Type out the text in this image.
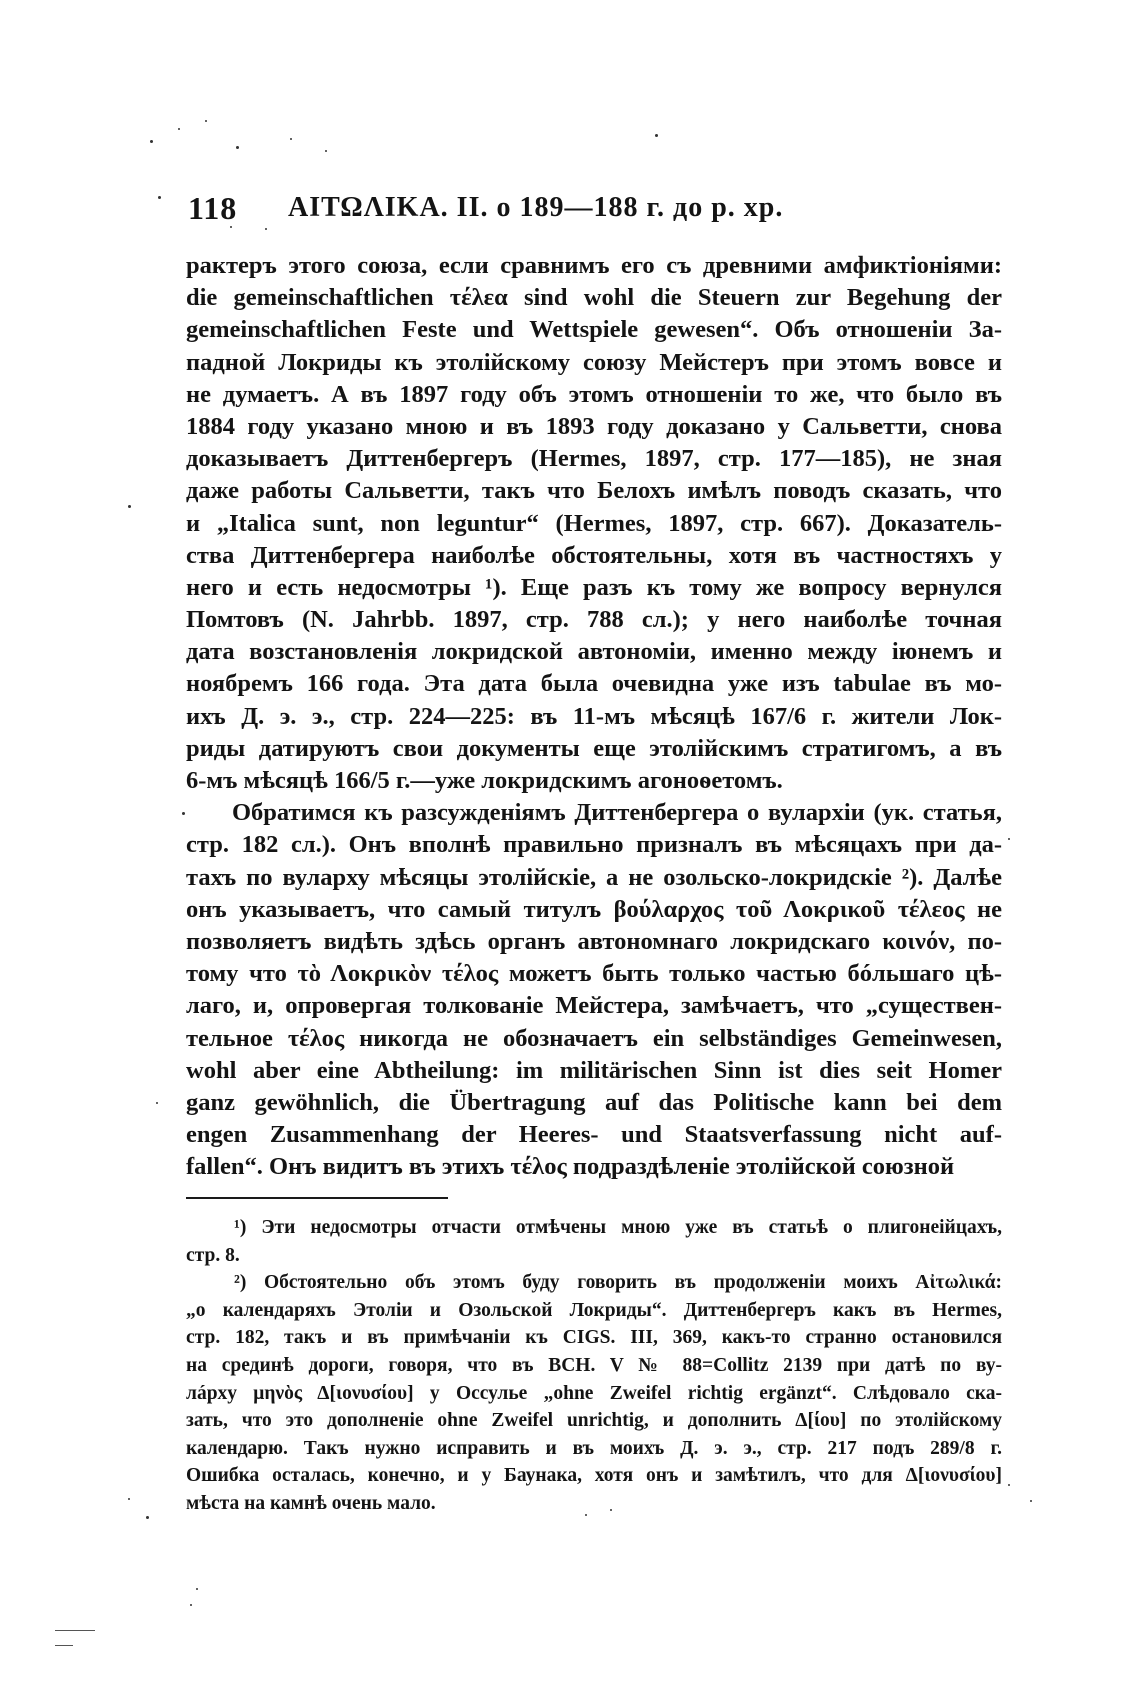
118 ΑΙΤΩΛΙΚΑ. II. о 189—188 г. до р. хр.
рактеръ этого союза, если сравнимъ его съ древними амфиктіоніями:
die gemeinschaftlichen τέλεα sind wohl die Steuern zur Begehung der
gemeinschaftlichen Feste und Wettspiele gewesen“. Объ отношеніи За-
падной Локриды къ этолійскому союзу Мейстеръ при этомъ вовсе и
не думаетъ. А въ 1897 году объ этомъ отношеніи то же, что было въ
1884 году указано мною и въ 1893 году доказано у Сальветти, снова
доказываетъ Диттенбергеръ (Hermes, 1897, стр. 177—185), не зная
даже работы Сальветти, такъ что Белохъ имѣлъ поводъ сказать, что
и „Italica sunt, non leguntur“ (Hermes, 1897, стр. 667). Доказатель-
ства Диттенбергера наиболѣе обстоятельны, хотя въ частностяхъ у
него и есть недосмотры ¹). Еще разъ къ тому же вопросу вернулся
Помтовъ (N. Jahrbb. 1897, стр. 788 сл.); у него наиболѣе точная
дата возстановленія локридской автономіи, именно между іюнемъ и
ноябремъ 166 года. Эта дата была очевидна уже изъ tabulae въ мо-
ихъ Д. э. э., стр. 224—225: въ 11-мъ мѣсяцѣ 167/6 г. жители Лок-
риды датируютъ свои документы еще этолійскимъ стратигомъ, а въ
6-мъ мѣсяцѣ 166/5 г.—уже локридскимъ агоноѳетомъ.
Обратимся къ разсужденіямъ Диттенбергера о вулархіи (ук. статья,
стр. 182 сл.). Онъ вполнѣ правильно призналъ въ мѣсяцахъ при да-
тахъ по вуларху мѣсяцы этолійскіе, а не озольско-локридскіе ²). Далѣе
онъ указываетъ, что самый титулъ βούλαρχος τοῦ Λοκρικοῦ τέλεος не
позволяетъ видѣть здѣсь органъ автономнаго локридскаго κοινόν, по-
тому что τὸ Λοκρικὸν τέλος можетъ быть только частью бóльшаго цѣ-
лаго, и, опровергая толкованіе Мейстера, замѣчаетъ, что „существен-
тельное τέλος никогда не обозначаетъ ein selbständiges Gemeinwesen,
wohl aber eine Abtheilung: im militärischen Sinn ist dies seit Homer
ganz gewöhnlich, die Übertragung auf das Politische kann bei dem
engen Zusammenhang der Heeres- und Staatsverfassung nicht auf-
fallen“. Онъ видитъ въ этихъ τέλος подраздѣленіе этолійской союзной
¹) Эти недосмотры отчасти отмѣчены мною уже въ статьѣ о плигонеійцахъ,
стр. 8.
²) Обстоятельно объ этомъ буду говорить въ продолженіи моихъ Αἰτωλικά:
„о календаряхъ Этоліи и Озольской Локриды“. Диттенбергеръ какъ въ Hermes,
стр. 182, такъ и въ примѣчаніи къ CIGS. III, 369, какъ-то странно остановился
на срединѣ дороги, говоря, что въ BCH. V № 88=Collitz 2139 при датѣ по ву-
лápxy μηνὸς Δ[ιονυσίου] у Оссулье „ohne Zweifel richtig ergänzt“. Слѣдовало ска-
зать, что это дополненіе ohne Zweifel unrichtig, и дополнить Δ[ίου] по этолійскому
календарю. Такъ нужно исправить и въ моихъ Д. э. э., стр. 217 подъ 289/8 г.
Ошибка осталась, конечно, и у Баунака, хотя онъ и замѣтилъ, что для Δ[ιονυσίου]
мѣста на камнѣ очень мало.
